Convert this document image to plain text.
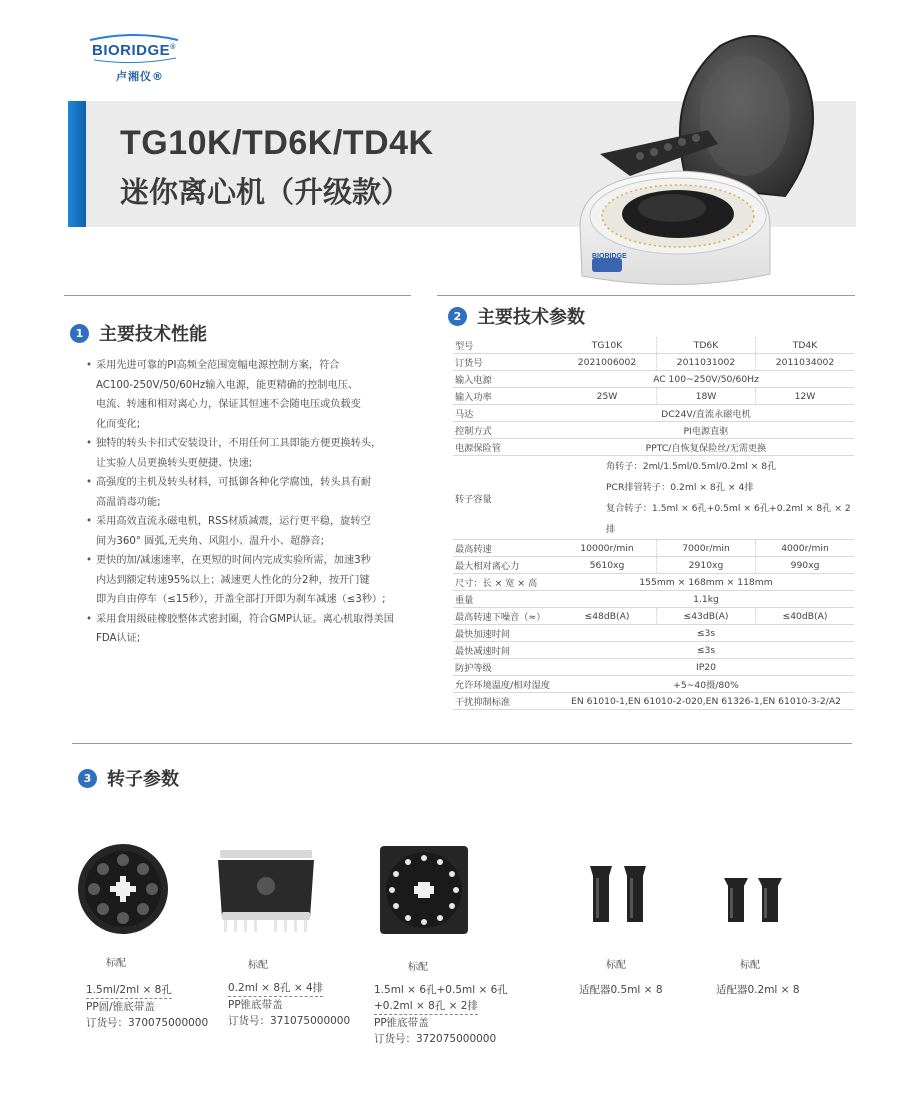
BIORIDGE®
卢湘仪®
TG10K/TD6K/TD4K
迷你离心机（升级款）
BIORIDGE
1 主要技术性能
• 采用先进可靠的PI高频全范围宽幅电源控制方案，符合
AC100-250V/50/60Hz输入电源，能更精确的控制电压、
电流、转速和相对离心力，保证其恒速不会随电压或负载变
化而变化;
• 独特的转头卡扣式安装设计，不用任何工具即能方便更换转头，
让实验人员更换转头更便捷、快速;
• 高强度的主机及转头材料，可抵御各种化学腐蚀，转头具有耐
高温消毒功能;
• 采用高效直流永磁电机，RSS材质减震，运行更平稳，旋转空
间为360° 圆弧,无夹角、风阻小、温升小、超静音;
• 更快的加/减速速率，在更短的时间内完成实验所需，加速3秒
内达到额定转速95%以上；减速更人性化的分2种，按开门键
即为自由停车（≤15秒），开盖全部打开即为刹车减速（≤3秒）;
• 采用食用级硅橡胶整体式密封圈，符合GMP认证。离心机取得美国
FDA认证;
2 主要技术参数
型号	TG10K	TD6K	TD4K
订货号	2021006002	2011031002	2011034002
输入电源	AC 100~250V/50/60Hz
输入功率	25W	18W	12W
马达	DC24V/直流永磁电机
控制方式	PI电源直驱
电源保险管	PPTC/自恢复保险丝/无需更换
转子容量
角转子：2ml/1.5ml/0.5ml/0.2ml × 8孔
PCR排管转子：0.2ml × 8孔 × 4排
复合转子：1.5ml × 6孔+0.5ml × 6孔+0.2ml × 8孔 × 2排
最高转速	10000r/min	7000r/min	4000r/min
最大相对离心力	5610xg	2910xg	990xg
尺寸：长 × 宽 × 高	155mm × 168mm × 118mm
重量	1.1kg
最高转速下噪音（≈）	≤48dB(A)	≤43dB(A)	≤40dB(A)
最快加速时间	≤3s
最快减速时间	≤3s
防护等级	IP20
允许环境温度/相对湿度	+5~40摄/80%
干扰抑制标准	EN 61010-1,EN 61010-2-020,EN 61326-1,EN 61010-3-2/A2
3 转子参数
标配
1.5ml/2ml × 8孔
PP圆/锥底带盖
订货号：370075000000
标配
0.2ml × 8孔 × 4排
PP锥底带盖
订货号：371075000000
标配
1.5ml × 6孔+0.5ml × 6孔
+0.2ml × 8孔 × 2排
PP锥底带盖
订货号：372075000000
标配
适配器0.5ml × 8
标配
适配器0.2ml × 8
